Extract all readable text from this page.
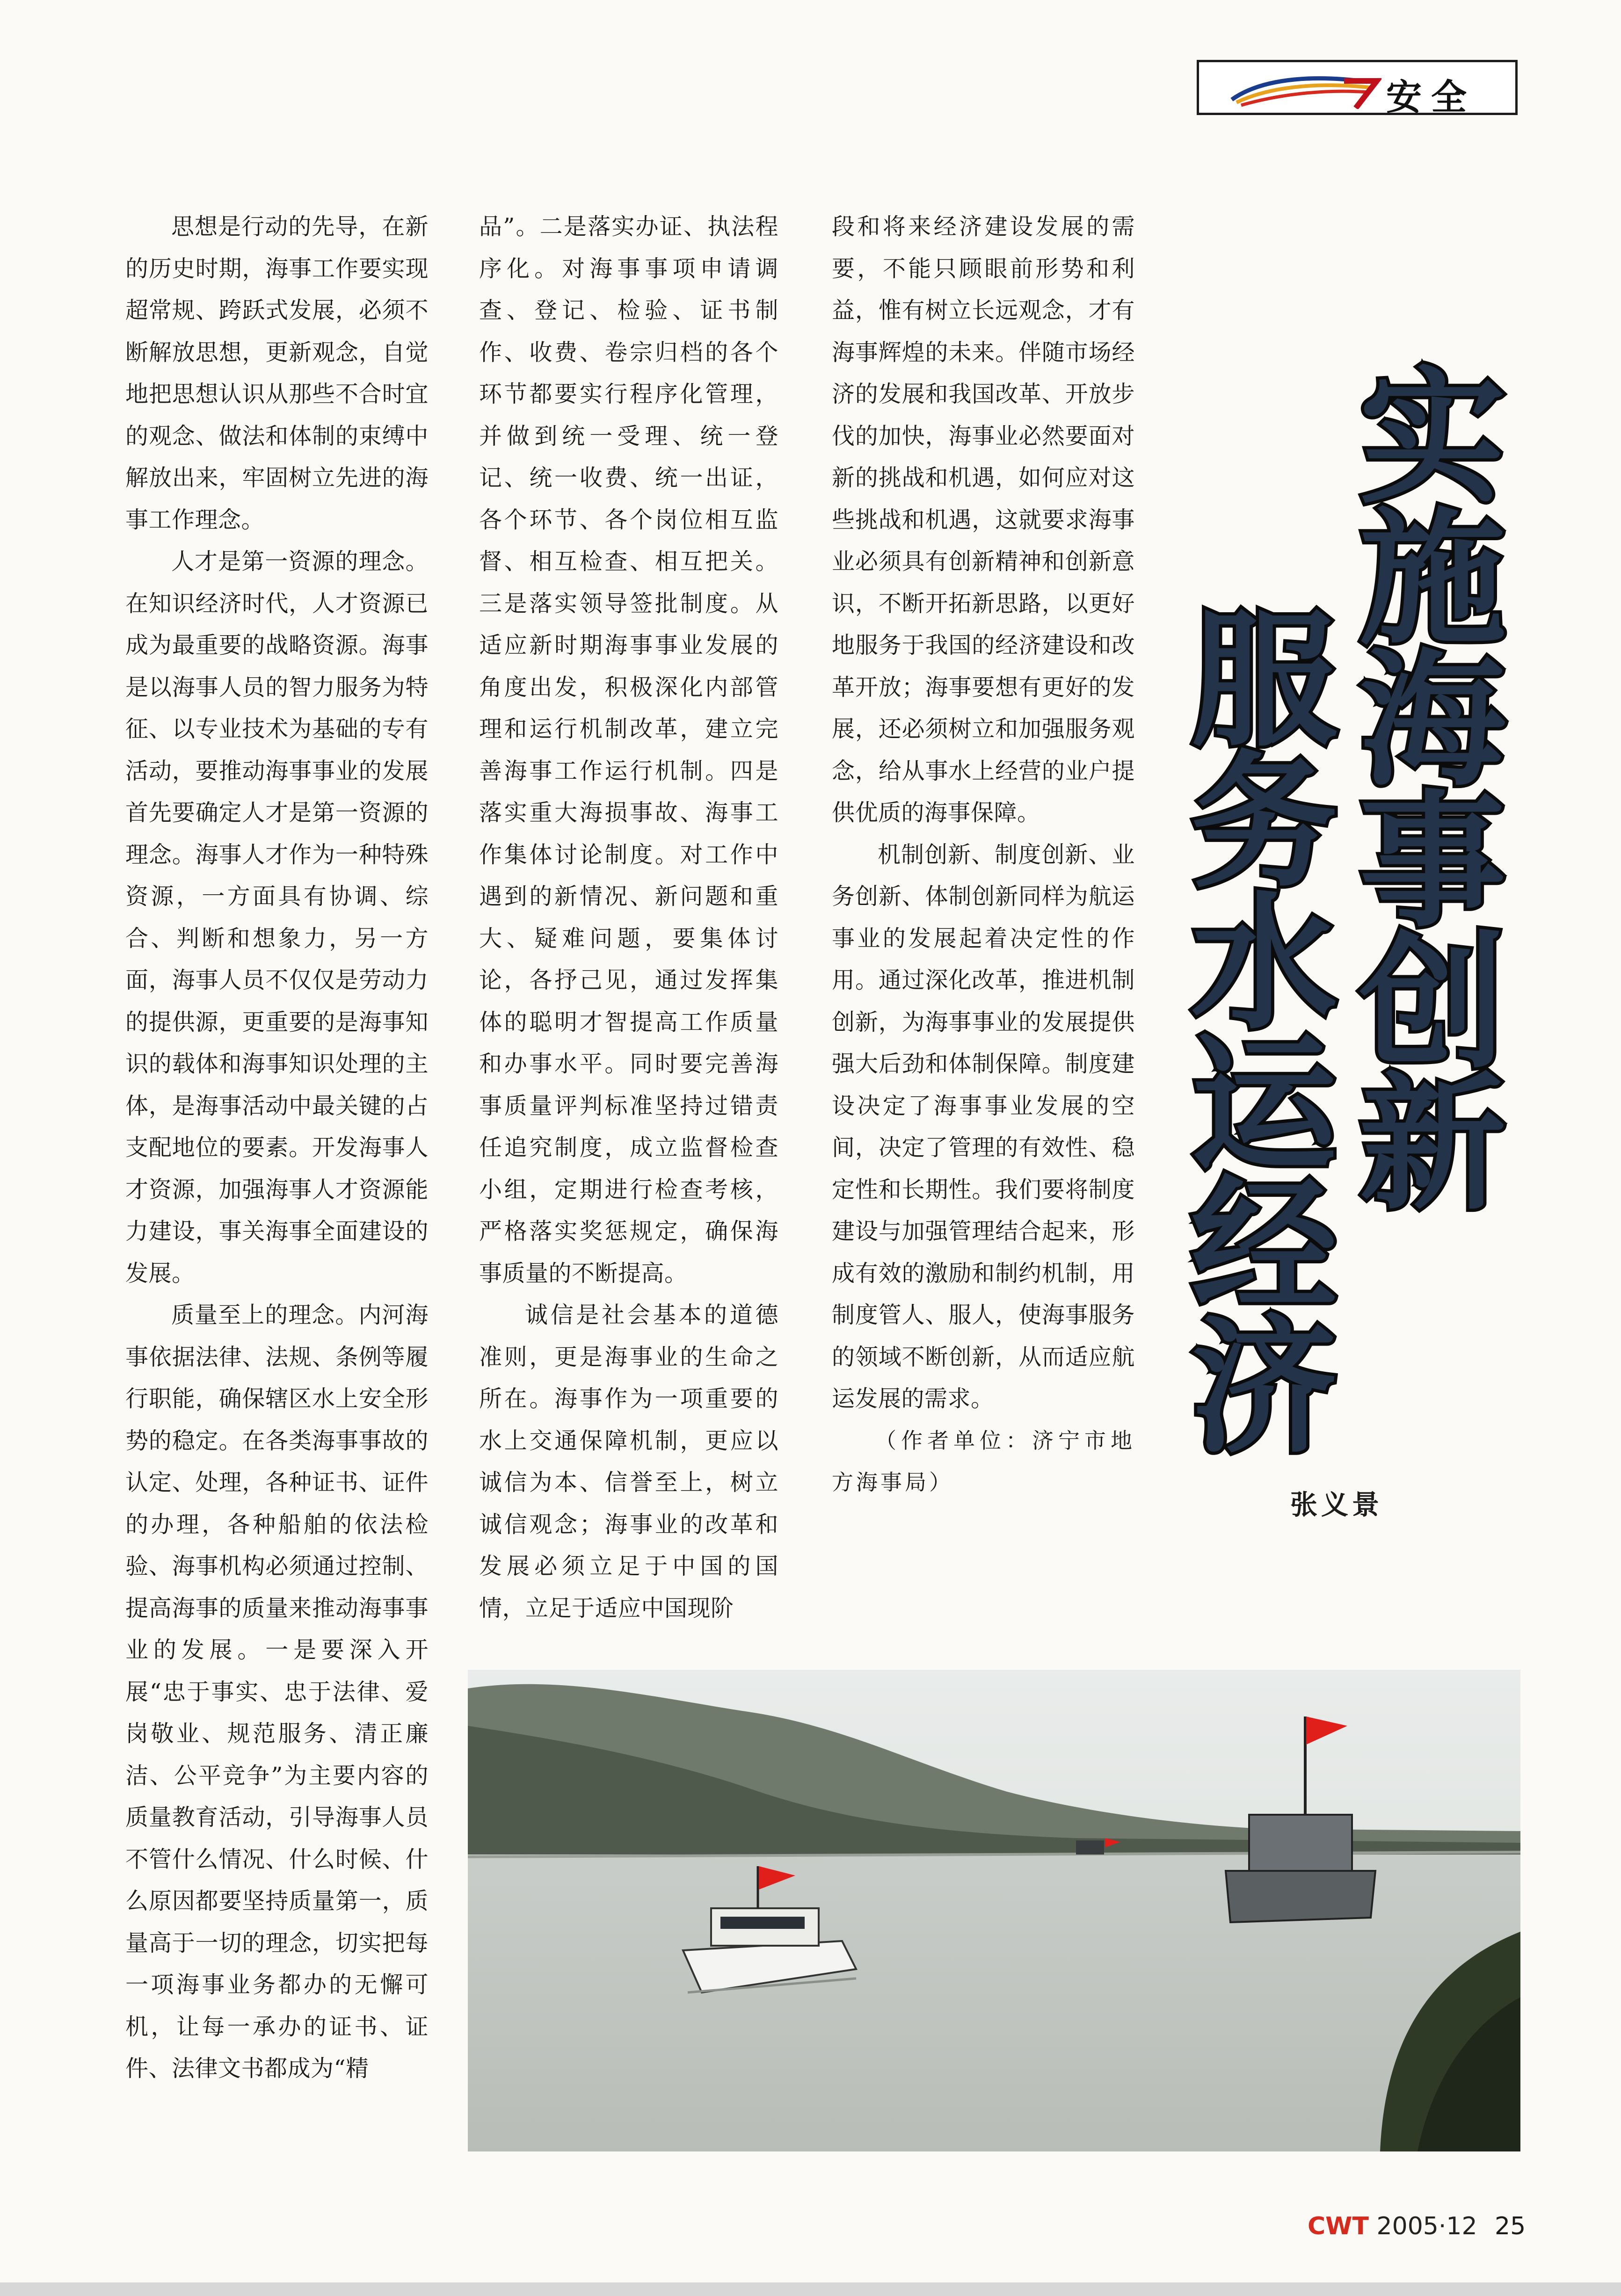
安全

思想是行动的先导，在新的历史时期，海事工作要实现超常规、跨跃式发展，必须不断解放思想，更新观念，自觉地把思想认识从那些不合时宜的观念、做法和体制的束缚中解放出来，牢固树立先进的海事工作理念。

人才是第一资源的理念。在知识经济时代，人才资源已成为最重要的战略资源。海事是以海事人员的智力服务为特征、以专业技术为基础的专有活动，要推动海事事业的发展首先要确定人才是第一资源的理念。海事人才作为一种特殊资源，一方面具有协调、综合、判断和想象力，另一方面，海事人员不仅仅是劳动力的提供源，更重要的是海事知识的载体和海事知识处理的主体，是海事活动中最关键的占支配地位的要素。开发海事人才资源，加强海事人才资源能力建设，事关海事全面建设的发展。

质量至上的理念。内河海事依据法律、法规、条例等履行职能，确保辖区水上安全形势的稳定。在各类海事事故的认定、处理，各种证书、证件的办理，各种船舶的依法检验、海事机构必须通过控制、提高海事的质量来推动海事事业的发展。一是要深入开展“忠于事实、忠于法律、爱岗敬业、规范服务、清正廉洁、公平竞争”为主要内容的质量教育活动，引导海事人员不管什么情况、什么时候、什么原因都要坚持质量第一，质量高于一切的理念，切实把每一项海事业务都办的无懈可机，让每一承办的证书、证件、法律文书都成为“精

品”。二是落实办证、执法程序化。对海事事项申请调查、登记、检验、证书制作、收费、卷宗归档的各个环节都要实行程序化管理，并做到统一受理、统一登记、统一收费、统一出证，各个环节、各个岗位相互监督、相互检查、相互把关。三是落实领导签批制度。从适应新时期海事事业发展的角度出发，积极深化内部管理和运行机制改革，建立完善海事工作运行机制。四是落实重大海损事故、海事工作集体讨论制度。对工作中遇到的新情况、新问题和重大、疑难问题，要集体讨论，各抒己见，通过发挥集体的聪明才智提高工作质量和办事水平。同时要完善海事质量评判标准坚持过错责任追究制度，成立监督检查小组，定期进行检查考核，严格落实奖惩规定，确保海事质量的不断提高。

诚信是社会基本的道德准则，更是海事业的生命之所在。海事作为一项重要的水上交通保障机制，更应以诚信为本、信誉至上，树立诚信观念；海事业的改革和发展必须立足于中国的国情，立足于适应中国现阶

段和将来经济建设发展的需要，不能只顾眼前形势和利益，惟有树立长远观念，才有海事辉煌的未来。伴随市场经济的发展和我国改革、开放步伐的加快，海事业必然要面对新的挑战和机遇，如何应对这些挑战和机遇，这就要求海事业必须具有创新精神和创新意识，不断开拓新思路，以更好地服务于我国的经济建设和改革开放；海事要想有更好的发展，还必须树立和加强服务观念，给从事水上经营的业户提供优质的海事保障。

机制创新、制度创新、业务创新、体制创新同样为航运事业的发展起着决定性的作用。通过深化改革，推进机制创新，为海事事业的发展提供强大后劲和体制保障。制度建设决定了海事事业发展的空间，决定了管理的有效性、稳定性和长期性。我们要将制度建设与加强管理结合起来，形成有效的激励和制约机制，用制度管人、服人，使海事服务的领域不断创新，从而适应航运发展的需求。

（作者单位：济宁市地方海事局）

实施海事创新
服务水运经济
张义景
CWT 2005·12 25
